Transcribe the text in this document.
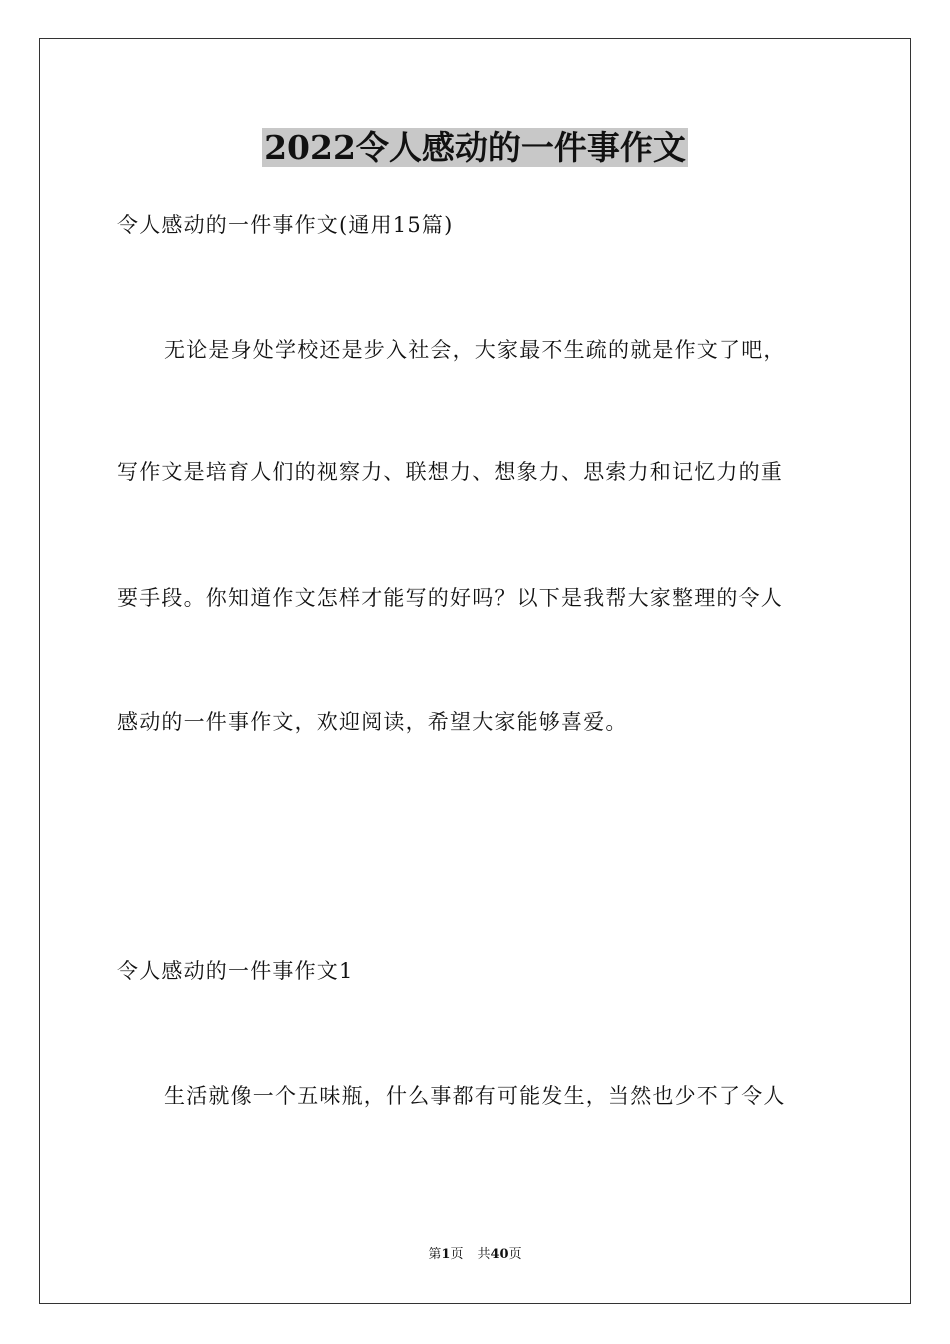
2022令人感动的一件事作文
令人感动的一件事作文(通用15篇)
无论是身处学校还是步入社会，大家最不生疏的就是作文了吧，
写作文是培育人们的视察力、联想力、想象力、思索力和记忆力的重
要手段。你知道作文怎样才能写的好吗？以下是我帮大家整理的令人
感动的一件事作文，欢迎阅读，希望大家能够喜爱。
令人感动的一件事作文1
生活就像一个五味瓶，什么事都有可能发生，当然也少不了令人
第1页 共40页
